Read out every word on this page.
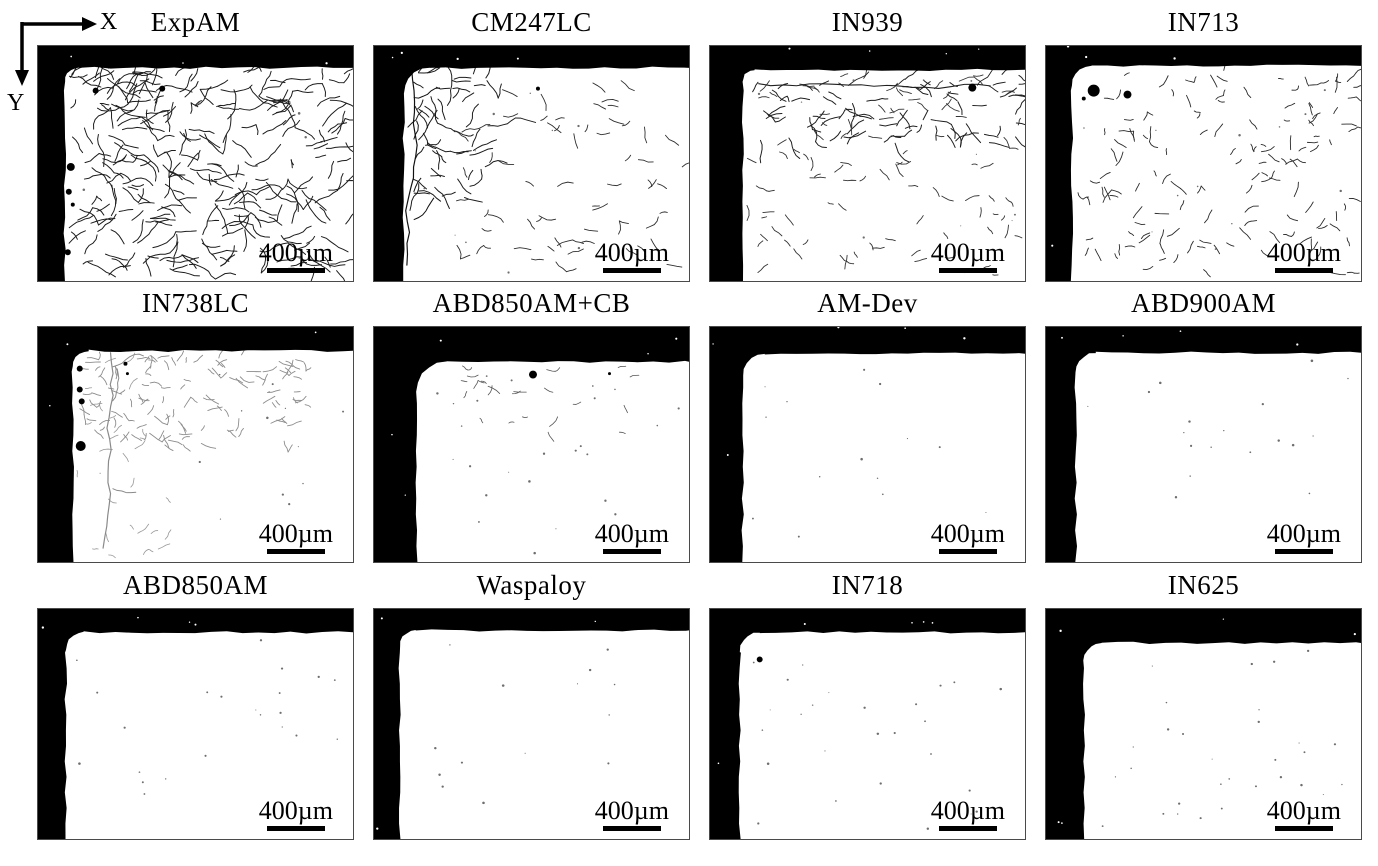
X
Y
ExpAM
400µm
CM247LC
400µm
IN939
400µm
IN713
400µm
IN738LC
400µm
ABD850AM+CB
400µm
AM-Dev
400µm
ABD900AM
400µm
ABD850AM
400µm
Waspaloy
400µm
IN718
400µm
IN625
400µm
